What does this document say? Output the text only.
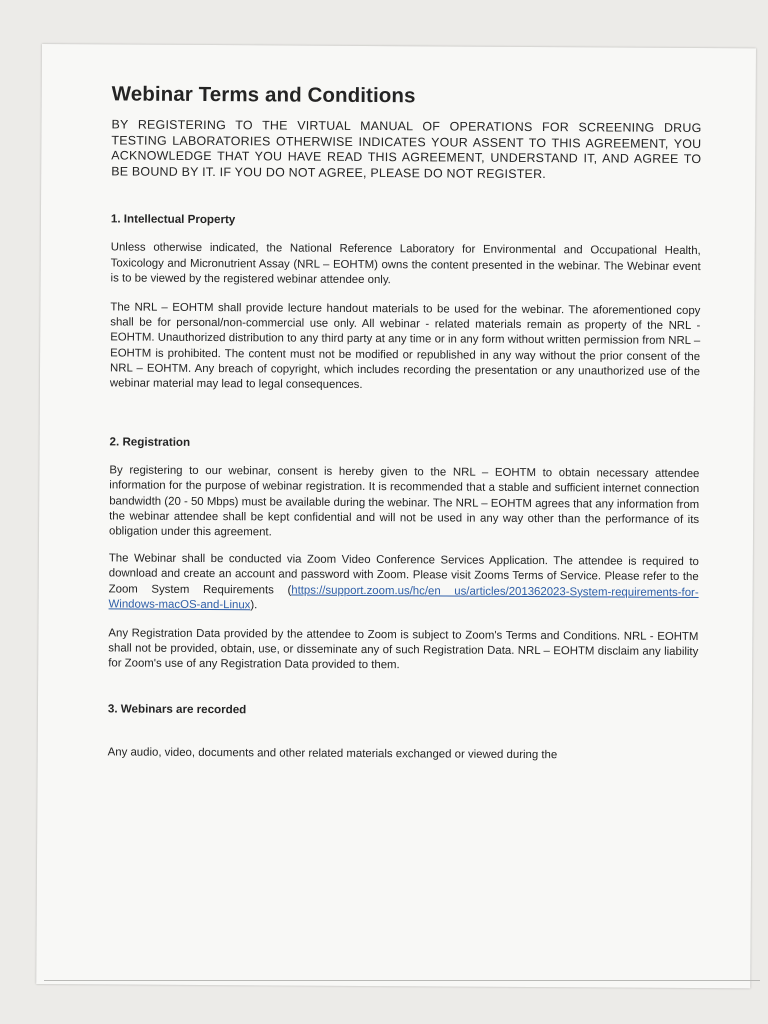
Webinar Terms and Conditions

BY REGISTERING TO THE VIRTUAL MANUAL OF OPERATIONS FOR SCREENING DRUG TESTING LABORATORIES OTHERWISE INDICATES YOUR ASSENT TO THIS AGREEMENT, YOU ACKNOWLEDGE THAT YOU HAVE READ THIS AGREEMENT, UNDERSTAND IT, AND AGREE TO BE BOUND BY IT. IF YOU DO NOT AGREE, PLEASE DO NOT REGISTER.

1. Intellectual Property

Unless otherwise indicated, the National Reference Laboratory for Environmental and Occupational Health, Toxicology and Micronutrient Assay (NRL – EOHTM) owns the content presented in the webinar. The Webinar event is to be viewed by the registered webinar attendee only.

The NRL – EOHTM shall provide lecture handout materials to be used for the webinar. The aforementioned copy shall be for personal/non-commercial use only. All webinar - related materials remain as property of the NRL - EOHTM. Unauthorized distribution to any third party at any time or in any form without written permission from NRL – EOHTM is prohibited. The content must not be modified or republished in any way without the prior consent of the NRL – EOHTM. Any breach of copyright, which includes recording the presentation or any unauthorized use of the webinar material may lead to legal consequences.

2. Registration

By registering to our webinar, consent is hereby given to the NRL – EOHTM to obtain necessary attendee information for the purpose of webinar registration. It is recommended that a stable and sufficient internet connection bandwidth (20 - 50 Mbps) must be available during the webinar. The NRL – EOHTM agrees that any information from the webinar attendee shall be kept confidential and will not be used in any way other than the performance of its obligation under this agreement.

The Webinar shall be conducted via Zoom Video Conference Services Application. The attendee is required to download and create an account and password with Zoom. Please visit Zooms Terms of Service. Please refer to the Zoom System Requirements (https://support.zoom.us/hc/en us/articles/201362023-System-requirements-for-Windows-macOS-and-Linux).

Any Registration Data provided by the attendee to Zoom is subject to Zoom's Terms and Conditions. NRL - EOHTM shall not be provided, obtain, use, or disseminate any of such Registration Data. NRL – EOHTM disclaim any liability for Zoom's use of any Registration Data provided to them.

3. Webinars are recorded

Any audio, video, documents and other related materials exchanged or viewed during the
